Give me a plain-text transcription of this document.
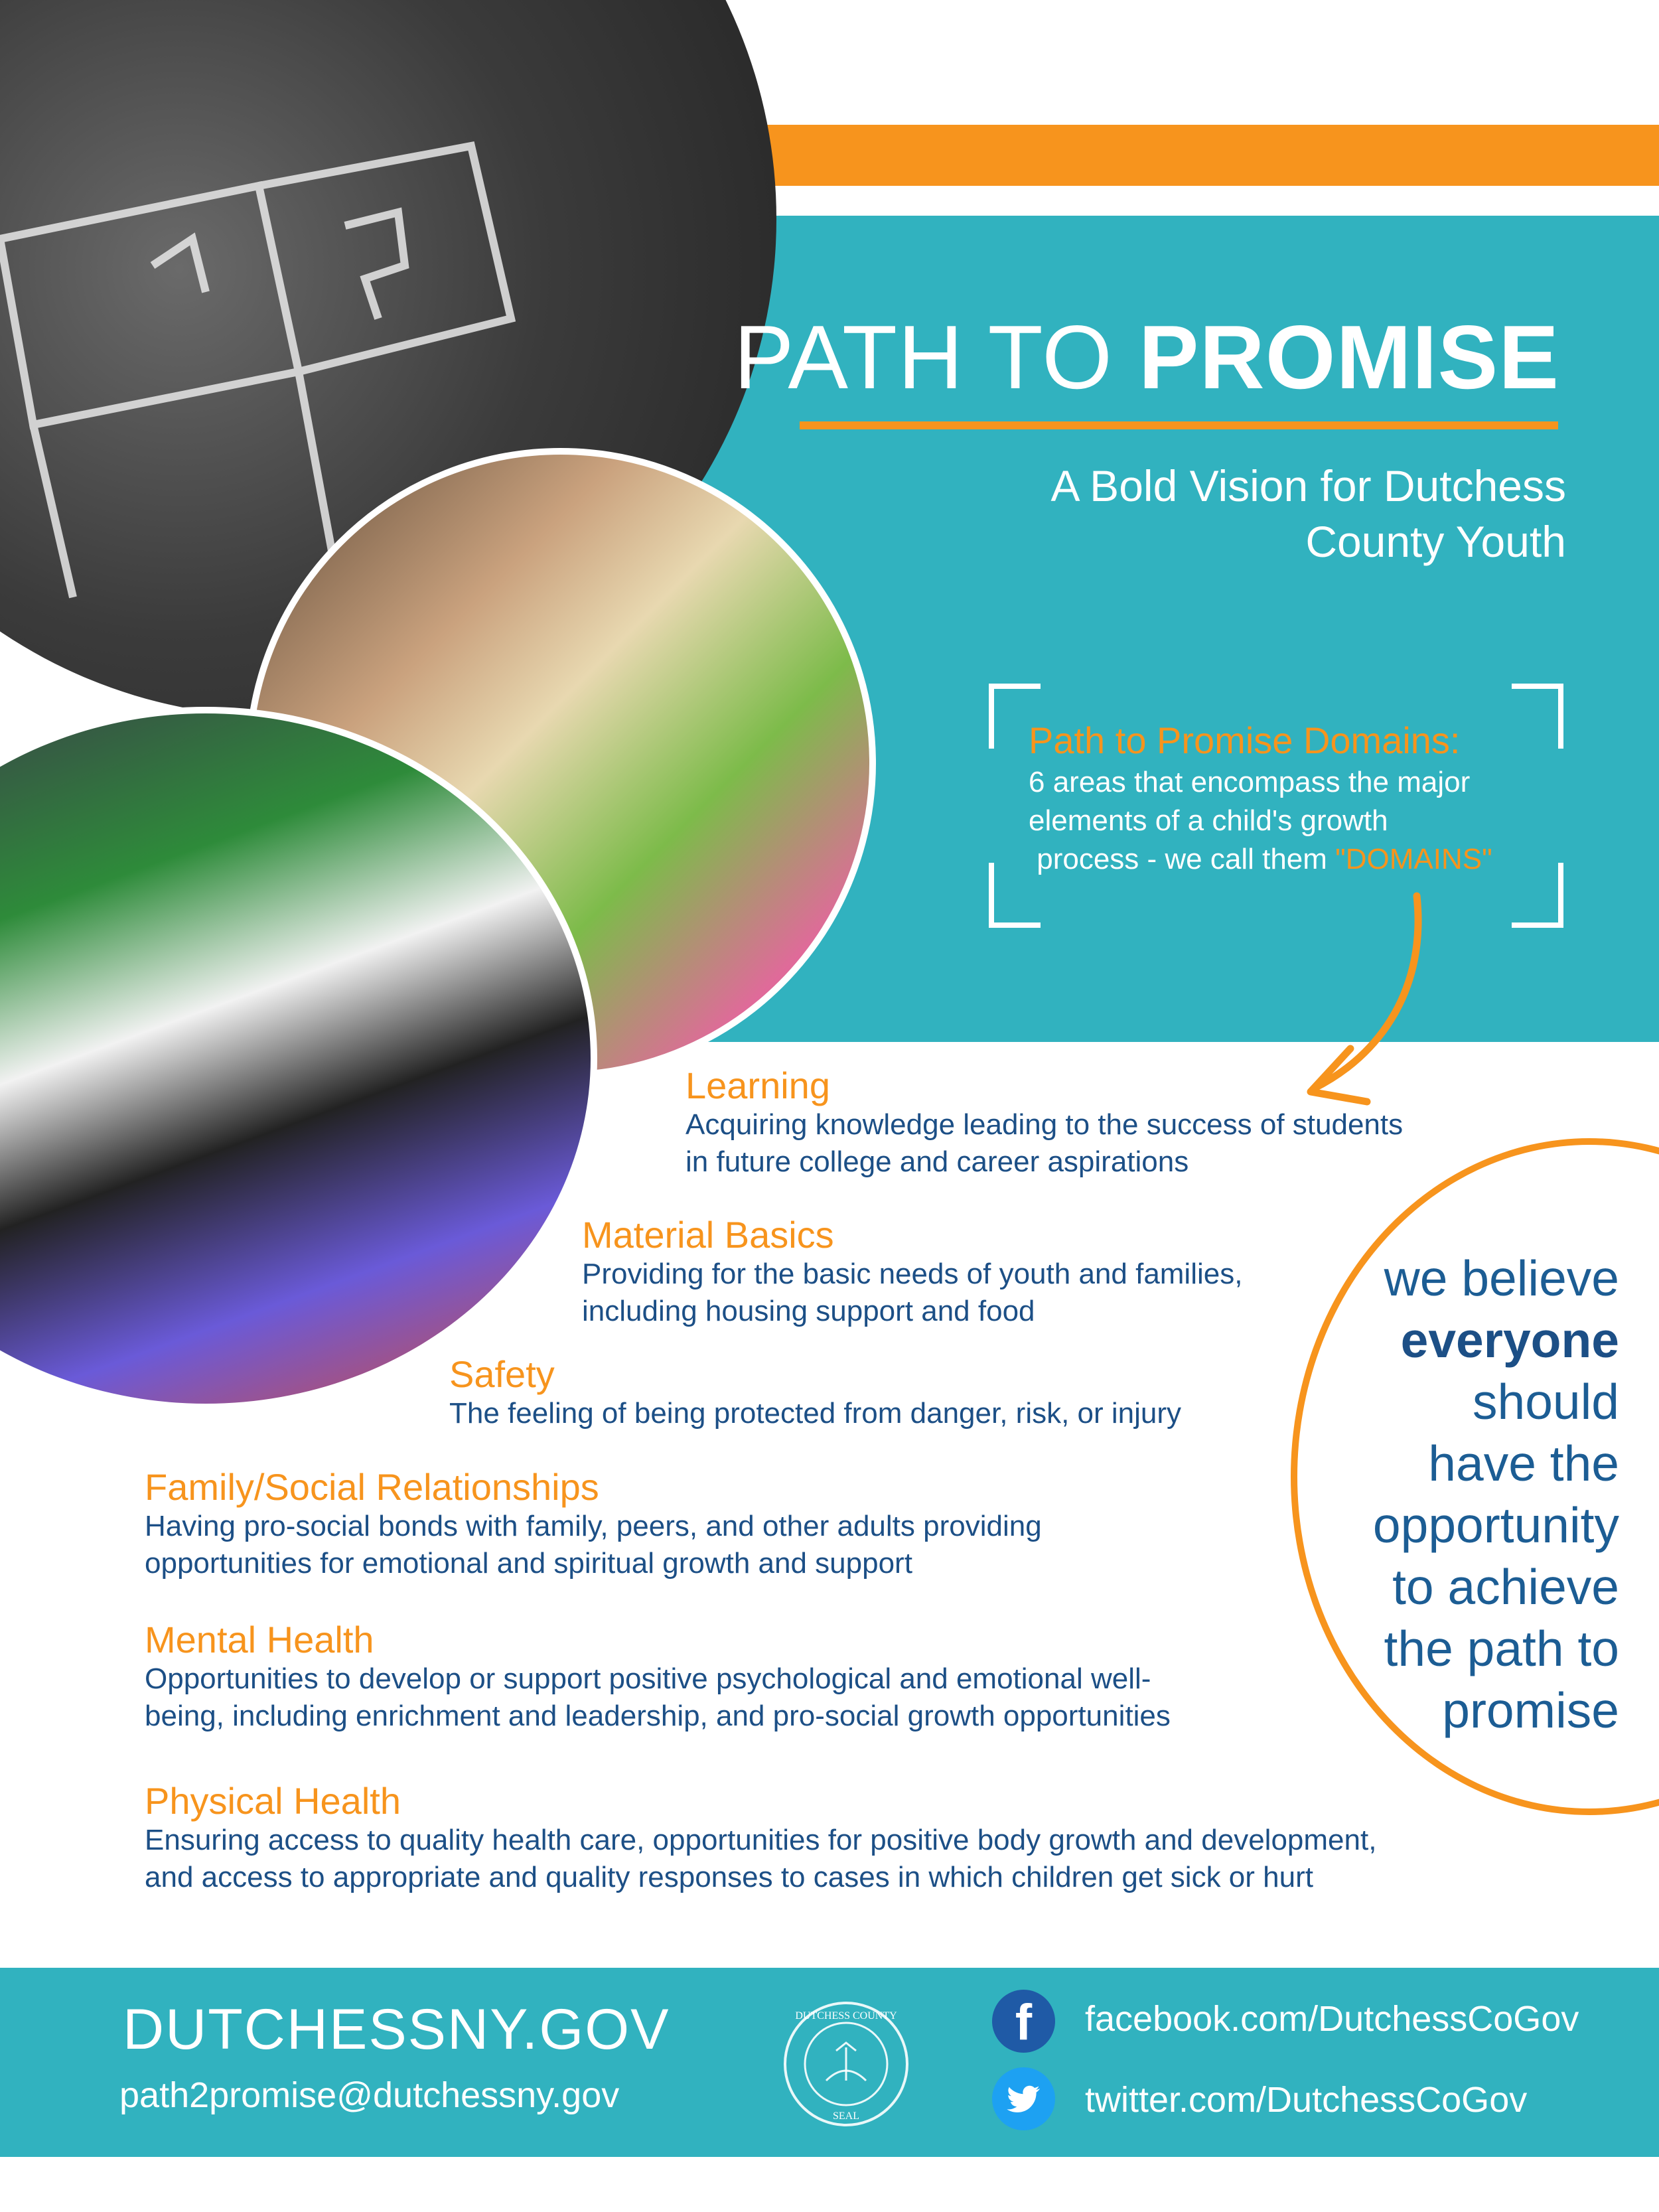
PATH TO PROMISE
A Bold Vision for Dutchess
County Youth
Path to Promise Domains:
6 areas that encompass the major
elements of a child's growth
process - we call them "DOMAINS"
Learning
Acquiring knowledge leading to the success of students
in future college and career aspirations
Material Basics
Providing for the basic needs of youth and families,
including housing support and food
Safety
The feeling of being protected from danger, risk, or injury
Family/Social Relationships
Having pro-social bonds with family, peers, and other adults providing
opportunities for emotional and spiritual growth and support
Mental Health
Opportunities to develop or support positive psychological and emotional well-
being, including enrichment and leadership, and pro-social growth opportunities
Physical Health
Ensuring access to quality health care, opportunities for positive body growth and development,
and access to appropriate and quality responses to cases in which children get sick or hurt
we believe
everyone
should
have the
opportunity
to achieve
the path to
promise
DUTCHESSNY.GOV
path2promise@dutchessny.gov
DUTCHESS COUNTY
SEAL
f	facebook.com/DutchessCoGov
twitter.com/DutchessCoGov
